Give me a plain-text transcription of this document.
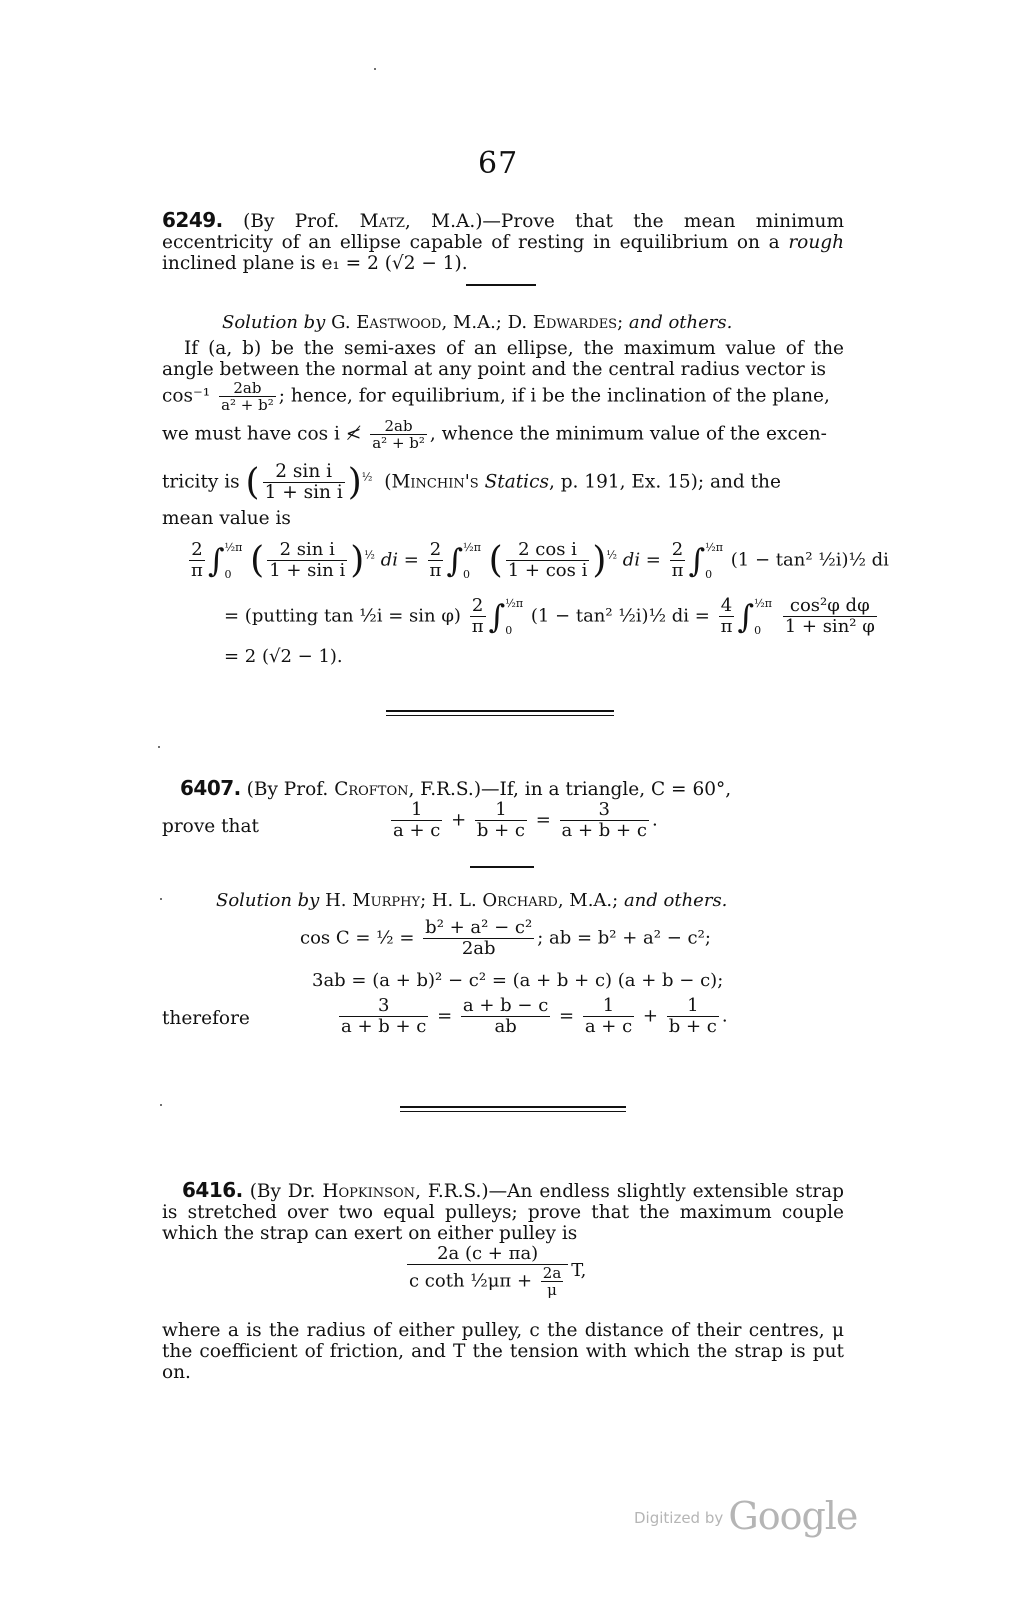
67
6249. (By Prof. Matz, M.A.)—Prove that the mean minimum eccentricity of an ellipse capable of resting in equilibrium on a rough inclined plane is e₁ = 2 (√2 − 1).
Solution by G. Eastwood, M.A.; D. Edwardes; and others.
If (a, b) be the semi-axes of an ellipse, the maximum value of the angle between the normal at any point and the central radius vector is
$\cos^{-1} \frac{2ab}{\text{a² + b²}}$ ; hence, for equilibrium, if i be the inclination of the plane,
we must have cos i ≮ $\frac{2ab}{\text{a² + b²}}$ , whence the minimum value of the excen-
tricity is ( $\frac{\text{2 sin i}}{\text{1 + sin i}} )^{\frac{1}{2}}$ (Minchin's Statics, p. 191, Ex. 15); and the
mean value is
$\frac{2}{\pi}$ ∫ ½π
0 ( $\frac{\text{2 sin i}}{\text{1 + sin i}} )^{\frac{1}{2}}$ di = $\frac{2}{\pi}$ ∫ ½π
0 ( $\frac{\text{2 cos i}}{\text{1 + cos i}} )^{\frac{1}{2}}$ di = $\frac{2}{\pi}$ ∫ ½π
0
(1 − tan² ½i)½ di
= (putting tan ½i = $\sin \varphi) \frac{2}{\pi}$ ∫ ½π
0
(1 − tan² ½i)½ di = $\frac{4}{\pi}$ ∫ ½π
0
	$\frac{\text{cos²φ dφ}}{\text{1 + sin² φ}}$
= 2 (√2 − 1).
6407. (By Prof. Crofton, F.R.S.)—If, in a triangle, C = 60°,
prove that	$\frac{1}{a + c} + \frac{1}{b + c} = \frac{3}{a + b + c}$ .
Solution by H. Murphy; H. L. Orchard, M.A.; and others.
cos C = ½ = $\frac{\text{b² + a² − c²}}{2ab}$ ; ab = b² + a² − c²;
3ab = (a + b)² − c² = (a + b + c) (a + b − c);
therefore	$\frac{3}{a + b + c} = \frac{a + b - c}{ab} = \frac{1}{a + c} + \frac{1}{b + c}$ .
6416. (By Dr. Hopkinson, F.R.S.)—An endless slightly extensible strap is stretched over two equal pulleys; prove that the maximum couple which the strap can exert on either pulley is
$\frac{2a (c + \pi a)}{c \cot h \frac{1}{2}\mu\pi + \frac{2a}{\mu}} T$,
where a is the radius of either pulley, c the distance of their centres, μ the coefficient of friction, and T the tension with which the strap is put on.
Digitized by Google
